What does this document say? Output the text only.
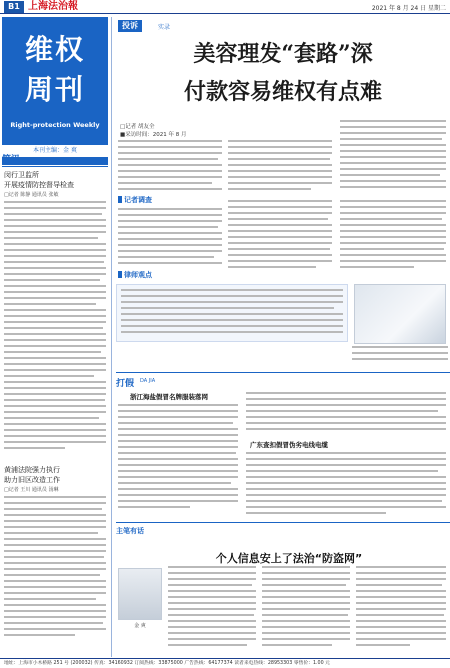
B1 上海法治報	2021 年 8 月 24 日 星期二
维权
周刊
Right-protection Weekly
本刊主编：金 爽
简讯
闵行卫监所
开展疫情防控督导检查
□记者 陈静 通讯员 张敏
黄浦法院强力执行
助力旧区改造工作
□记者 王川 通讯员 汤琳
投诉	实录
美容理发“套路”深
付款容易维权有点难
□记者 胡友全
■采访时间：2021 年 8 月
记者调查
律师观点
打假 DA JIA
浙江海盐假冒名牌服装落网
广东查扣假冒伪劣电线电缆
主笔有话
个人信息安上了法治“防盗网”
金 爽
地址：上海市小木桥路 251 号 (200032) 传真：34160932 订阅热线：33875000 广告热线：64177374 读者来电热线：28953303 零售价：1.00 元
